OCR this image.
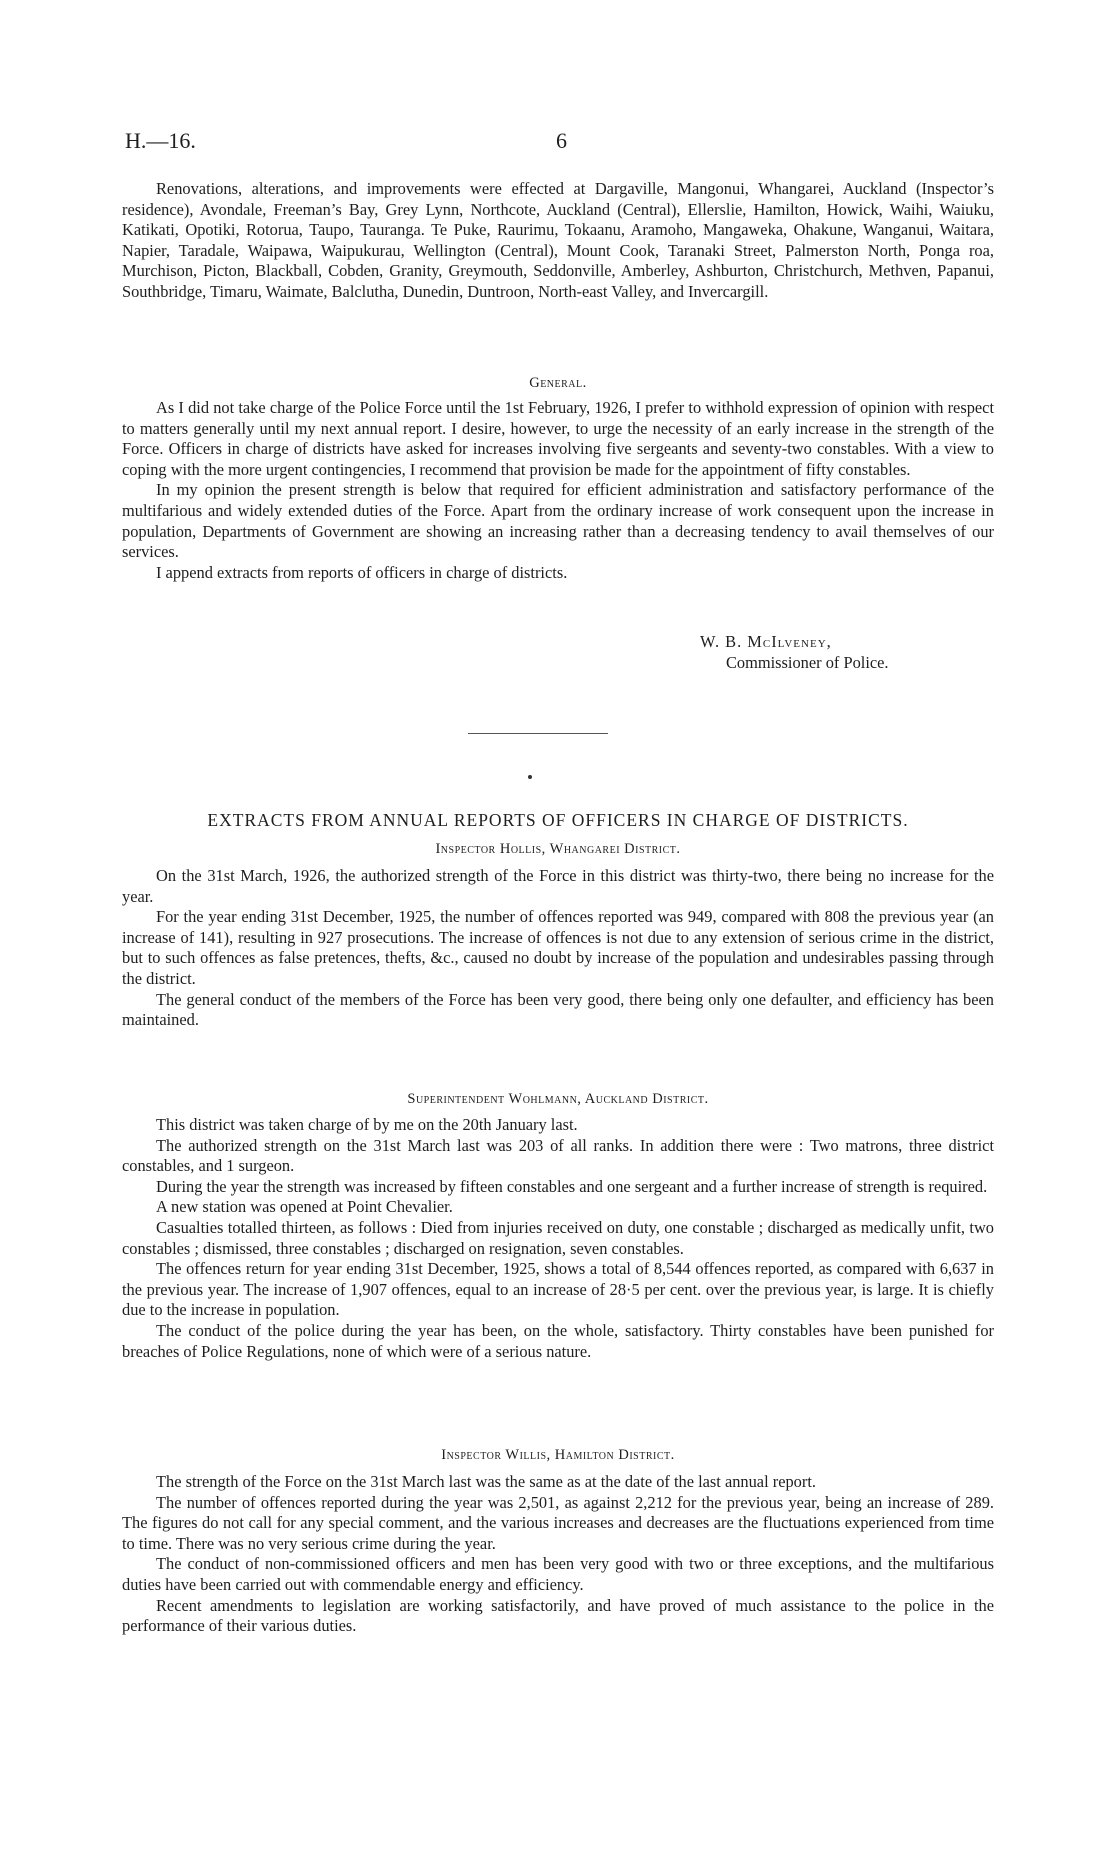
H.—16.	6

Renovations, alterations, and improvements were effected at Dargaville, Mangonui, Whangarei, Auckland (Inspector’s residence), Avondale, Freeman’s Bay, Grey Lynn, Northcote, Auckland (Central), Ellerslie, Hamilton, Howick, Waihi, Waiuku, Katikati, Opotiki, Rotorua, Taupo, Tauranga. Te Puke, Raurimu, Tokaanu, Aramoho, Mangaweka, Ohakune, Wanganui, Waitara, Napier, Taradale, Waipawa, Waipukurau, Wellington (Central), Mount Cook, Taranaki Street, Palmerston North, Ponga roa, Murchison, Picton, Blackball, Cobden, Granity, Greymouth, Seddonville, Amberley, Ashburton, Christchurch, Methven, Papanui, Southbridge, Timaru, Waimate, Balclutha, Dunedin, Duntroon, North-east Valley, and Invercargill.

General.

As I did not take charge of the Police Force until the 1st February, 1926, I prefer to withhold expression of opinion with respect to matters generally until my next annual report. I desire, however, to urge the necessity of an early increase in the strength of the Force. Officers in charge of districts have asked for increases involving five sergeants and seventy-two constables. With a view to coping with the more urgent contingencies, I recommend that provision be made for the appointment of fifty constables.

In my opinion the present strength is below that required for efficient administration and satisfactory performance of the multifarious and widely extended duties of the Force. Apart from the ordinary increase of work consequent upon the increase in population, Departments of Government are showing an increasing rather than a decreasing tendency to avail themselves of our services.

I append extracts from reports of officers in charge of districts.

W. B. McIlveney,
Commissioner of Police.
EXTRACTS FROM ANNUAL REPORTS OF OFFICERS IN CHARGE OF DISTRICTS.
Inspector Hollis, Whangarei District.

On the 31st March, 1926, the authorized strength of the Force in this district was thirty-two, there being no increase for the year.

For the year ending 31st December, 1925, the number of offences reported was 949, compared with 808 the previous year (an increase of 141), resulting in 927 prosecutions. The increase of offences is not due to any extension of serious crime in the district, but to such offences as false pretences, thefts, &c., caused no doubt by increase of the population and undesirables passing through the district.

The general conduct of the members of the Force has been very good, there being only one defaulter, and efficiency has been maintained.

Superintendent Wohlmann, Auckland District.

This district was taken charge of by me on the 20th January last.

The authorized strength on the 31st March last was 203 of all ranks. In addition there were : Two matrons, three district constables, and 1 surgeon.

During the year the strength was increased by fifteen constables and one sergeant and a further increase of strength is required.

A new station was opened at Point Chevalier.

Casualties totalled thirteen, as follows : Died from injuries received on duty, one constable ; discharged as medically unfit, two constables ; dismissed, three constables ; discharged on resignation, seven constables.

The offences return for year ending 31st December, 1925, shows a total of 8,544 offences reported, as compared with 6,637 in the previous year. The increase of 1,907 offences, equal to an increase of 28·5 per cent. over the previous year, is large. It is chiefly due to the increase in population.

The conduct of the police during the year has been, on the whole, satisfactory. Thirty constables have been punished for breaches of Police Regulations, none of which were of a serious nature.

Inspector Willis, Hamilton District.

The strength of the Force on the 31st March last was the same as at the date of the last annual report.

The number of offences reported during the year was 2,501, as against 2,212 for the previous year, being an increase of 289. The figures do not call for any special comment, and the various increases and decreases are the fluctuations experienced from time to time. There was no very serious crime during the year.

The conduct of non-commissioned officers and men has been very good with two or three exceptions, and the multifarious duties have been carried out with commendable energy and efficiency.

Recent amendments to legislation are working satisfactorily, and have proved of much assistance to the police in the performance of their various duties.
